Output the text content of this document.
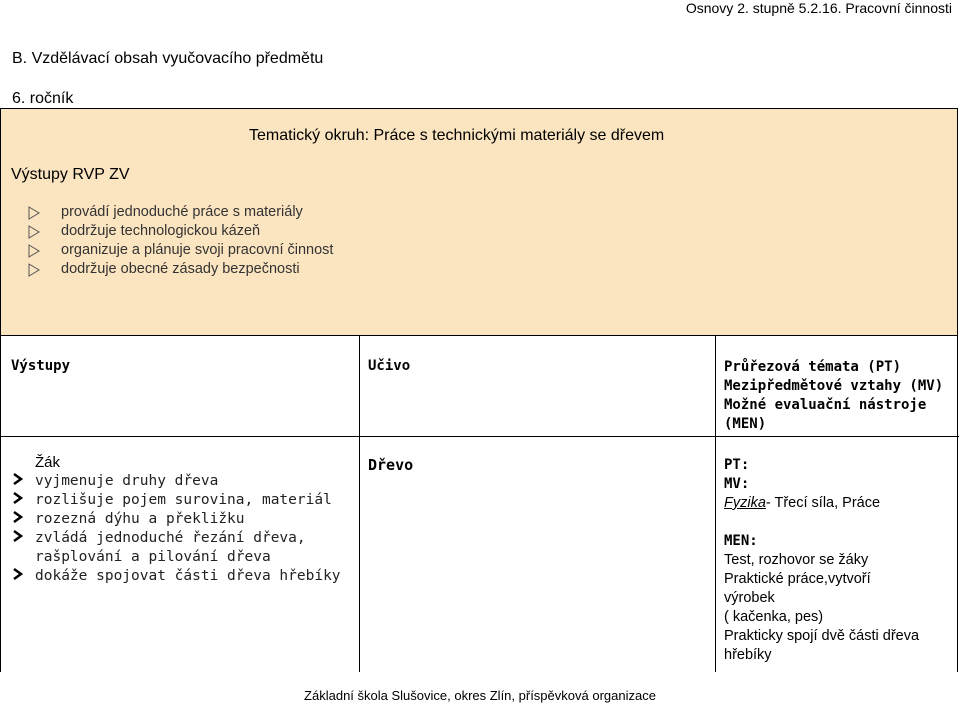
Osnovy 2. stupně 5.2.16. Pracovní činnosti
B. Vzdělávací obsah vyučovacího předmětu
6. ročník
Tematický okruh: Práce s technickými materiály se dřevem
Výstupy RVP ZV
provádí jednoduché práce s materiály
dodržuje technologickou kázeň
organizuje a plánuje svoji pracovní činnost
dodržuje obecné zásady bezpečnosti
Výstupy
Žák
vyjmenuje druhy dřeva
rozlišuje pojem surovina, materiál
rozezná dýhu a překližku
zvládá jednoduché řezání dřeva,
rašplování a pilování dřeva
dokáže spojovat části dřeva hřebíky
Učivo
Dřevo
Průřezová témata (PT)
Mezipředmětové vztahy (MV)
Možné evaluační nástroje
(MEN)
PT:
MV:
Fyzika- Třecí síla, Práce
MEN:
Test, rozhovor se žáky
Praktické práce,vytvoří
výrobek
( kačenka, pes)
Prakticky spojí dvě části dřeva
hřebíky
Základní škola Slušovice, okres Zlín, příspěvková organizace
